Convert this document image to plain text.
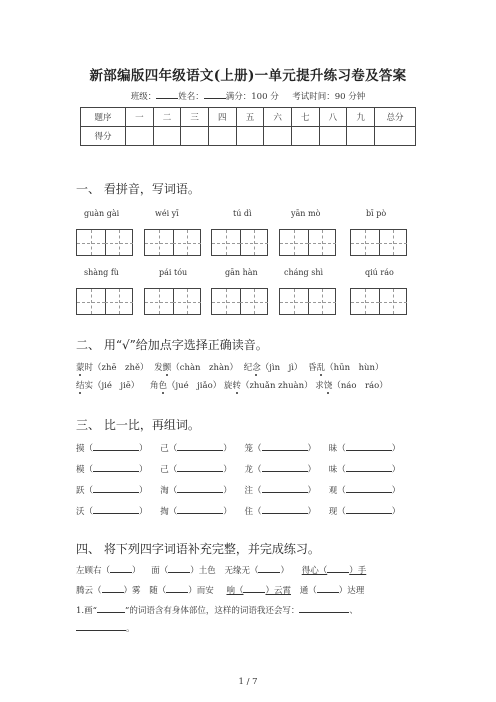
新部编版四年级语文(上册)一单元提升练习卷及答案
班级：	姓名：	满分：100 分 考试时间：90 分钟
题序	一	二	三	四	五	六	七	八	九	总分
得分										
一、 看拼音，写词语。
guàn gài	wéi yī	tú dì	yān mò	bī pò
shàng fù	pái tóu	gān hàn	cháng shì	qiú ráo
二、 用“√”给加点字选择正确读音。
蒙时（zhē　zhě） 发颤（chàn　zhàn） 纪念（jìn　jì） 昏乱（hūn　hùn）
结实（jié　jiē） 角色（jué　jiǎo） 旋转（zhuǎn zhuàn） 求饶（náo　ráo）
三、 比一比，再组词。
摸（	） 己（	） 笼（	） 昧（	）
模（	） 己（	） 龙（	） 味（	）
跃（	） 淘（	） 注（	） 观（	）
沃（	） 掏（	） 住（	） 现（	）
四、 将下列四字词语补充完整，并完成练习。
左顾右（	） 面（	）土色 无缘无（	） 得心（	）手
腾云（	）雾 随（	）而安 响（	）云霄 通（	）达理
1.画“	”的词语含有身体部位，这样的词语我还会写：	、
。
1 / 7
